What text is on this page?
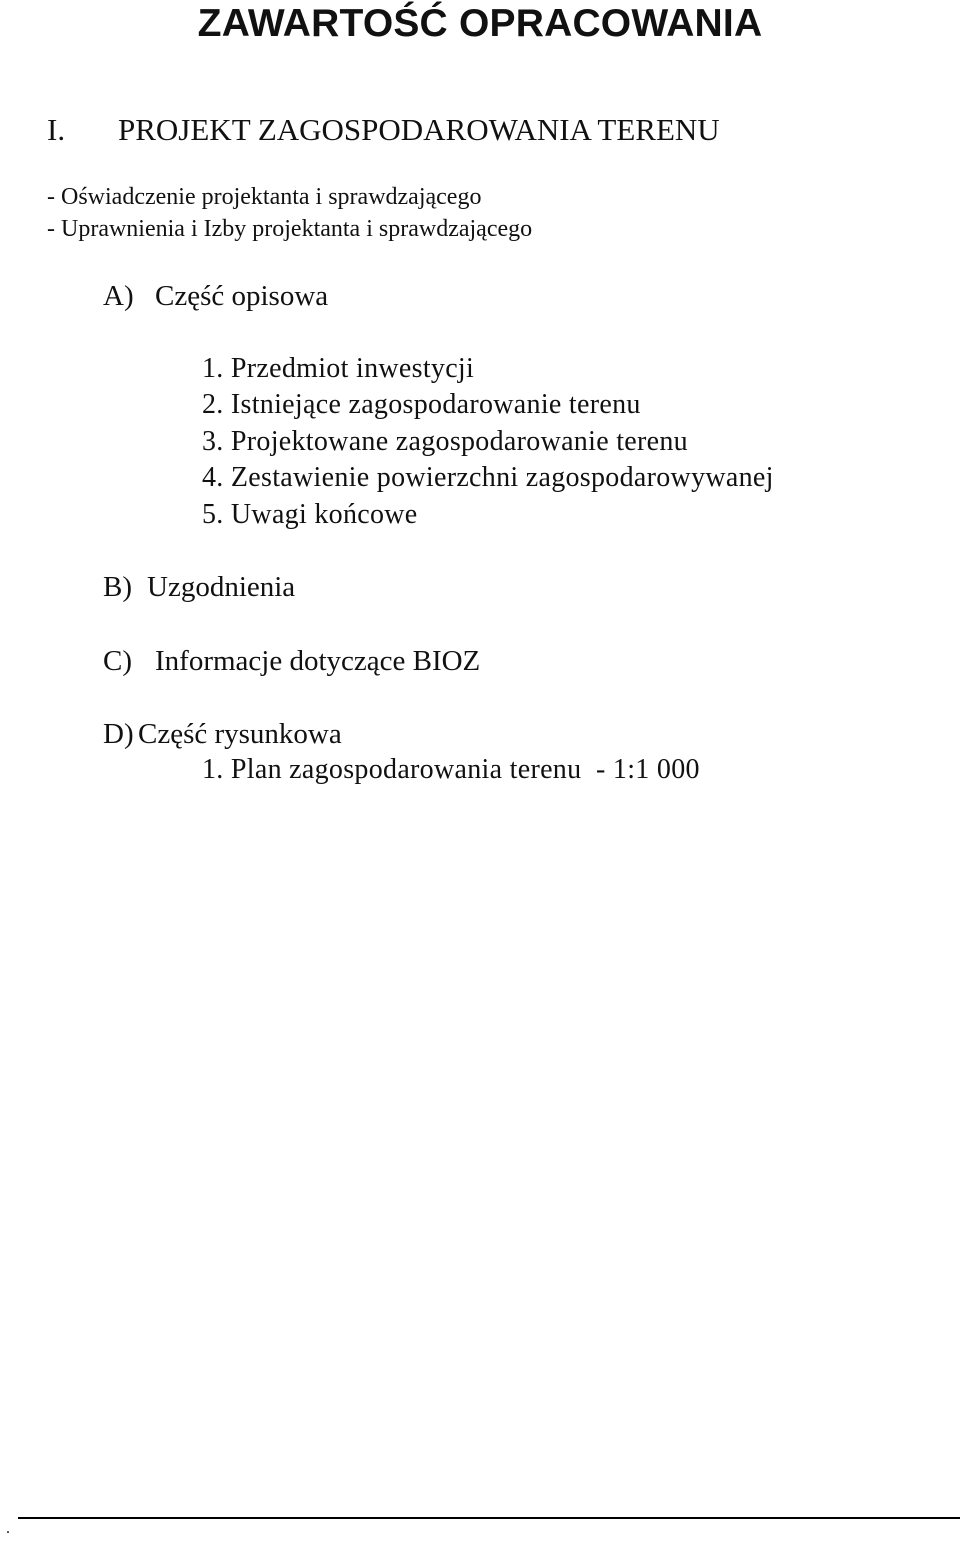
ZAWARTOŚĆ OPRACOWANIA
I. PROJEKT ZAGOSPODAROWANIA TERENU
- Oświadczenie projektanta i sprawdzającego
- Uprawnienia i Izby projektanta i sprawdzającego
A) Część opisowa
1. Przedmiot inwestycji
2. Istniejące zagospodarowanie terenu
3. Projektowane zagospodarowanie terenu
4. Zestawienie powierzchni zagospodarowywanej
5. Uwagi końcowe
B) Uzgodnienia
C) Informacje dotyczące BIOZ
D) Część rysunkowa
1. Plan zagospodarowania terenu  - 1:1 000
.
